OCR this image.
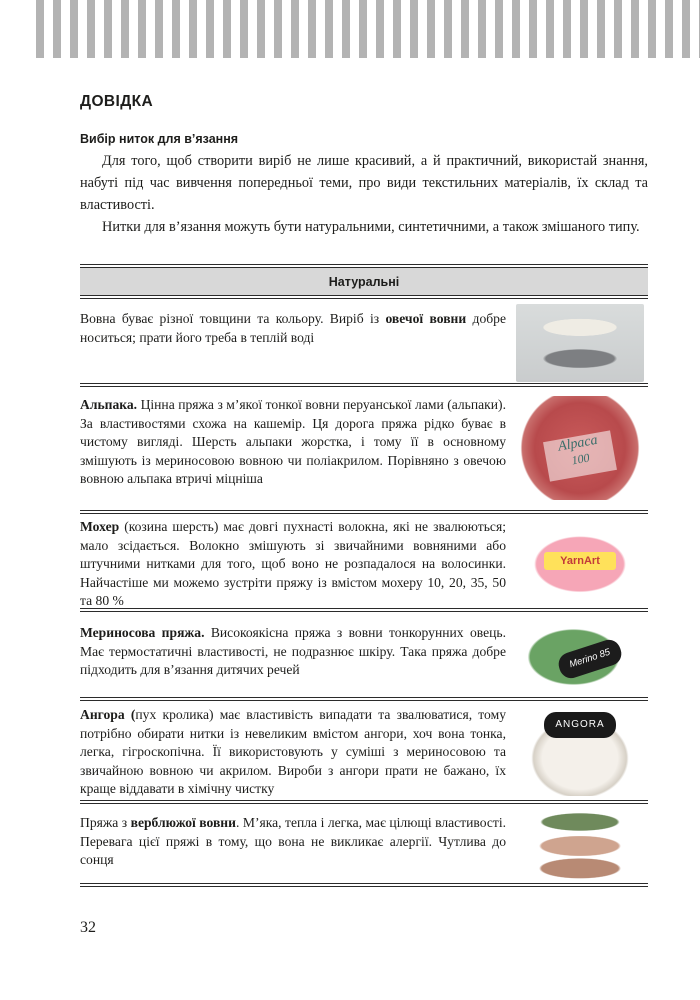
ДОВІДКА
Вибір ниток для в’язання

Для того, щоб створити виріб не лише красивий, а й практичний, використай знання, набуті під час вивчення попередньої теми, про види текстильних матеріалів, їх склад та властивості.

Нитки для в’язання можуть бути натуральними, синтетичними, а також змішаного типу.

Натуральні
Вовна буває різної товщини та кольору. Виріб із овечої вовни добре носиться; прати його треба в теплій воді
Альпака. Цінна пряжа з м’якої тонкої вовни перуанської лами (альпаки). За властивостями схожа на кашемір. Ця дорога пряжа рідко буває в чистому вигляді. Шерсть альпаки жорстка, і тому її в основному змішують із мериносовою вовною чи поліакрилом. Порівняно з овечою вовною альпака втричі міцніша
Alpaca
100
Мохер (козина шерсть) має довгі пухнасті волокна, які не звалюються; мало зсідається. Волокно змішують зі звичайними вовняними або штучними нитками для того, щоб воно не розпадалося на волосинки. Найчастіше ми можемо зустріти пряжу із вмістом мохеру 10, 20, 35, 50 та 80 %
YarnArt
Мериносова пряжа. Високоякісна пряжа з вовни тонкорунних овець. Має термостатичні властивості, не подразнює шкіру. Така пряжа добре підходить для в’язання дитячих речей	Merino 85
Ангора (пух кролика) має властивість випадати та звалюватися, тому потрібно обирати нитки із невеликим вмістом ангори, хоч вона тонка, легка, гігроскопічна. Її використовують у суміші з мериносовою та звичайною вовною чи акрилом. Вироби з ангори прати не бажано, їх краще віддавати в хімічну чистку
ANGORA
Пряжа з верблюжої вовни. М’яка, тепла і легка, має цілющі властивості. Перевага цієї пряжі в тому, що вона не викликає алергії. Чутлива до сонця
32
